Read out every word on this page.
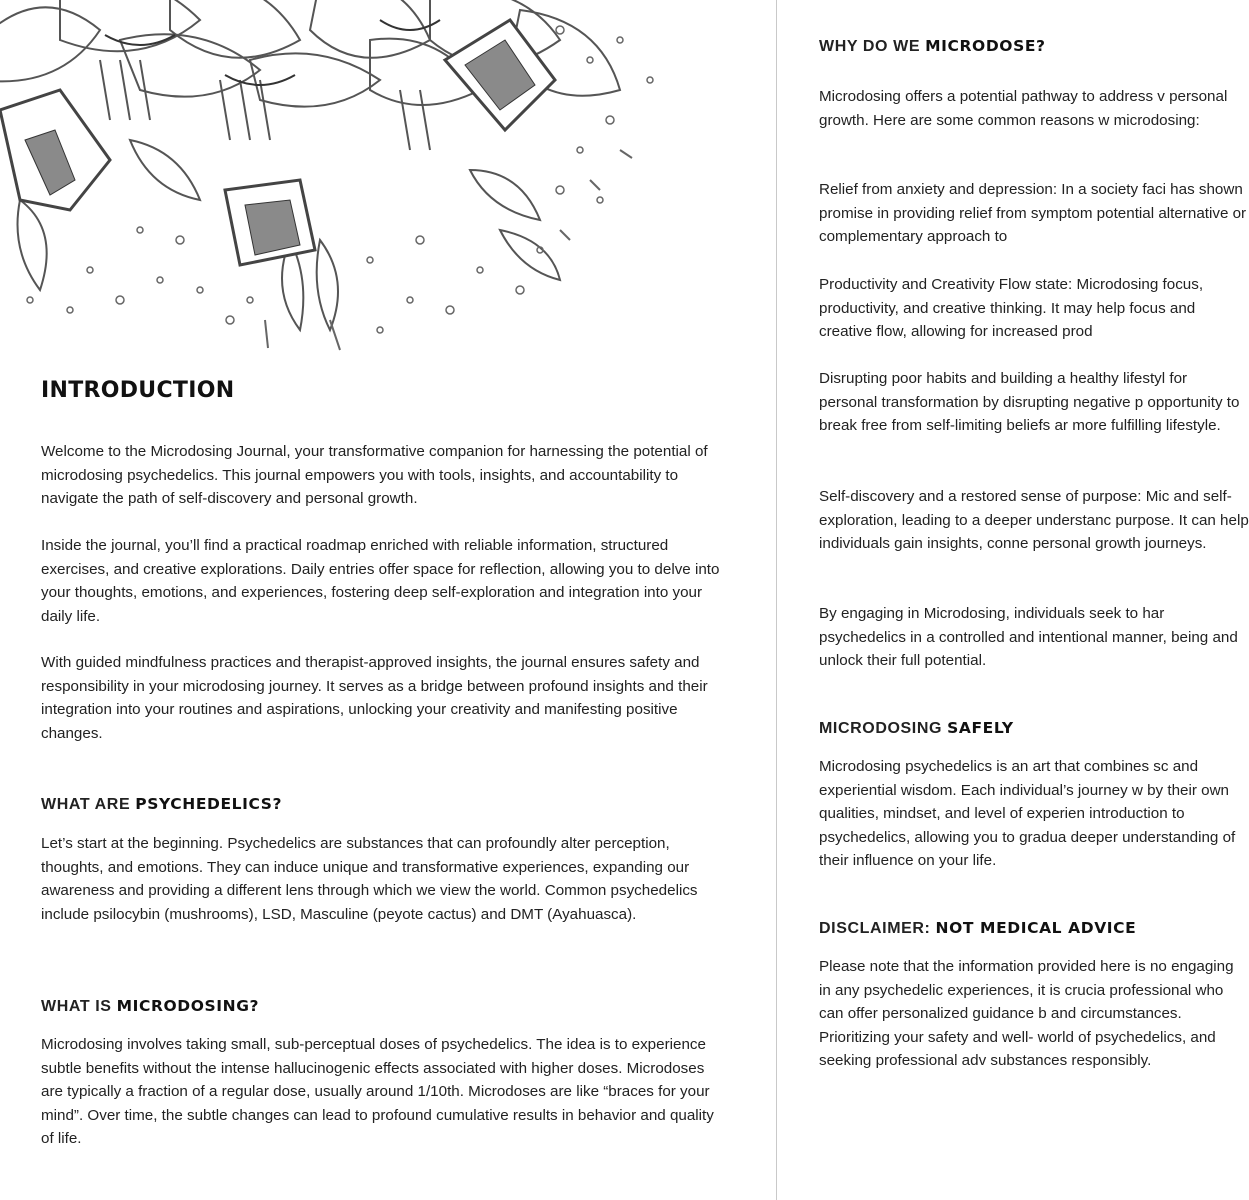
INTRODUCTION

Welcome to the Microdosing Journal, your transformative companion for harnessing the potential of microdosing psychedelics. This journal empowers you with tools, insights, and accountability to navigate the path of self-discovery and personal growth.

Inside the journal, you’ll find a practical roadmap enriched with reliable information, structured exercises, and creative explorations. Daily entries offer space for reflection, allowing you to delve into your thoughts, emotions, and experiences, fostering deep self-exploration and integration into your daily life.

With guided mindfulness practices and therapist-approved insights, the journal ensures safety and responsibility in your microdosing journey. It serves as a bridge between profound insights and their integration into your routines and aspirations, unlocking your creativity and manifesting positive changes.

WHAT ARE PSYCHEDELICS?

Let’s start at the beginning. Psychedelics are substances that can profoundly alter perception, thoughts, and emotions. They can induce unique and transformative experiences, expanding our awareness and providing a different lens through which we view the world. Common psychedelics include psilocybin (mushrooms), LSD, Masculine (peyote cactus) and DMT (Ayahuasca).

WHAT IS MICRODOSING?

Microdosing involves taking small, sub-perceptual doses of psychedelics. The idea is to experience subtle benefits without the intense hallucinogenic effects associated with higher doses. Microdoses are typically a fraction of a regular dose, usually around 1/10th. Microdoses are like “braces for your mind”. Over time, the subtle changes can lead to profound cumulative results in behavior and quality of life.

WHY DO WE MICRODOSE?

Microdosing offers a potential pathway to address v personal growth. Here are some common reasons w microdosing:

Relief from anxiety and depression: In a society faci has shown promise in providing relief from symptom potential alternative or complementary approach to

Productivity and Creativity Flow state: Microdosing focus, productivity, and creative thinking. It may help focus and creative flow, allowing for increased prod

Disrupting poor habits and building a healthy lifestyl for personal transformation by disrupting negative p opportunity to break free from self-limiting beliefs ar more fulfilling lifestyle.

Self-discovery and a restored sense of purpose: Mic and self-exploration, leading to a deeper understanc purpose. It can help individuals gain insights, conne personal growth journeys.

By engaging in Microdosing, individuals seek to har psychedelics in a controlled and intentional manner, being and unlock their full potential.

MICRODOSING SAFELY

Microdosing psychedelics is an art that combines sc and experiential wisdom. Each individual’s journey w by their own qualities, mindset, and level of experien introduction to psychedelics, allowing you to gradua deeper understanding of their influence on your life.

DISCLAIMER: NOT MEDICAL ADVICE

Please note that the information provided here is no engaging in any psychedelic experiences, it is crucia professional who can offer personalized guidance b and circumstances. Prioritizing your safety and well- world of psychedelics, and seeking professional adv substances responsibly.
